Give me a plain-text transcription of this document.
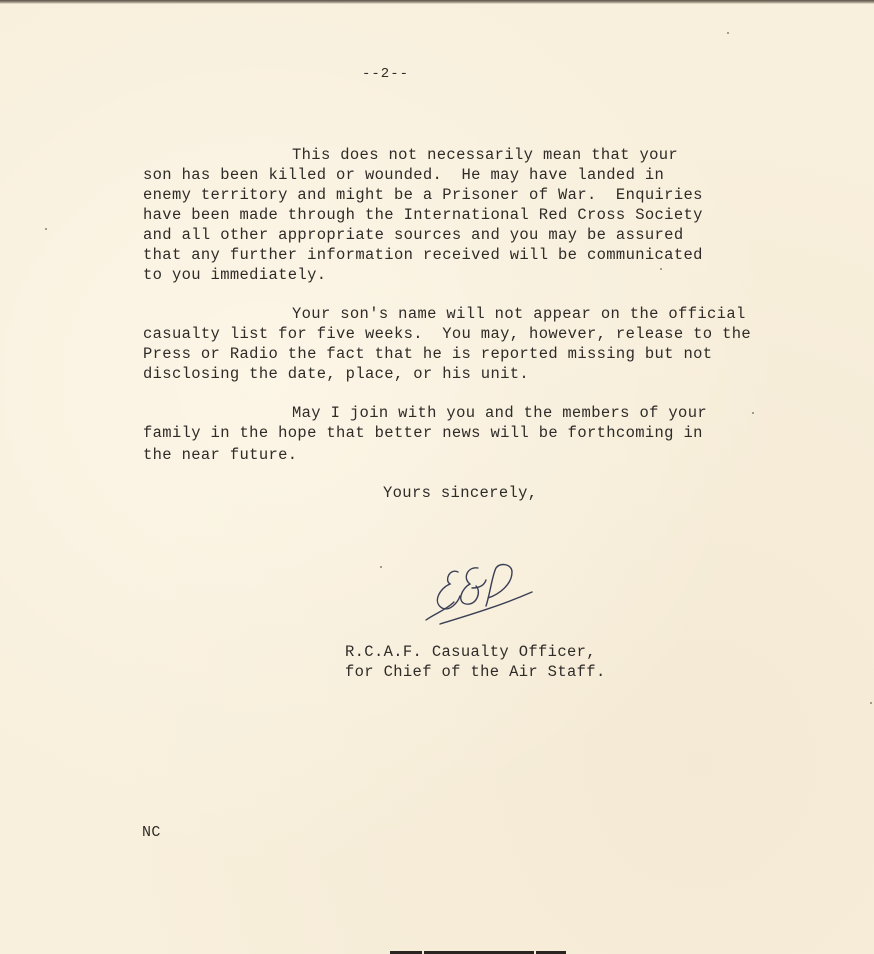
--2--
This does not necessarily mean that your
son has been killed or wounded.  He may have landed in
enemy territory and might be a Prisoner of War.  Enquiries
have been made through the International Red Cross Society
and all other appropriate sources and you may be assured
that any further information received will be communicated
to you immediately.
Your son's name will not appear on the official
casualty list for five weeks.  You may, however, release to the
Press or Radio the fact that he is reported missing but not
disclosing the date, place, or his unit.
May I join with you and the members of your
family in the hope that better news will be forthcoming in
the near future.
Yours sincerely,
R.C.A.F. Casualty Officer,
for Chief of the Air Staff.
NC
